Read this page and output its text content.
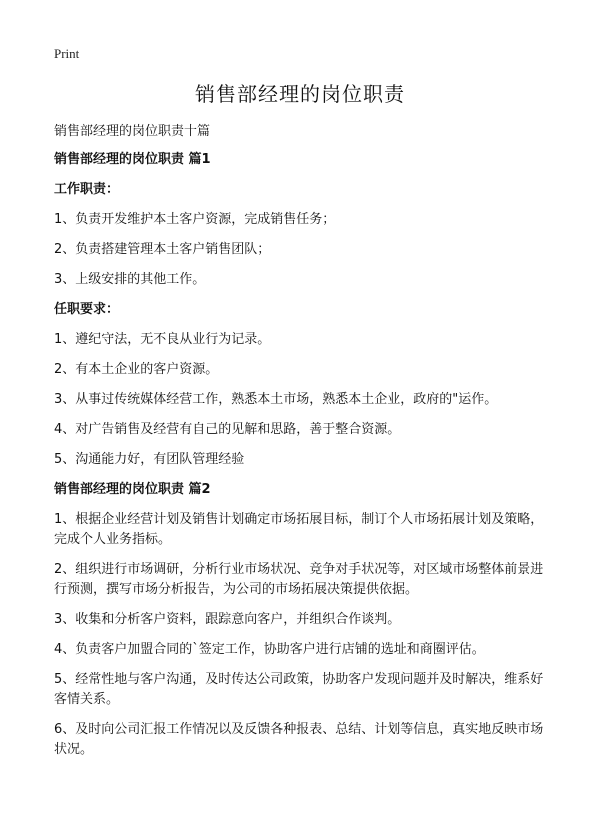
Print
销售部经理的岗位职责
销售部经理的岗位职责十篇
销售部经理的岗位职责 篇1
工作职责：
1、负责开发维护本土客户资源，完成销售任务；
2、负责搭建管理本土客户销售团队；
3、上级安排的其他工作。
任职要求：
1、遵纪守法，无不良从业行为记录。
2、有本土企业的客户资源。
3、从事过传统媒体经营工作，熟悉本土市场，熟悉本土企业，政府的"运作。
4、对广告销售及经营有自己的见解和思路，善于整合资源。
5、沟通能力好，有团队管理经验
销售部经理的岗位职责 篇2
1、根据企业经营计划及销售计划确定市场拓展目标，制订个人市场拓展计划及策略，完成个人业务指标。
2、组织进行市场调研，分析行业市场状况、竞争对手状况等，对区域市场整体前景进行预测，撰写市场分析报告，为公司的市场拓展决策提供依据。
3、收集和分析客户资料，跟踪意向客户，并组织合作谈判。
4、负责客户加盟合同的`签定工作，协助客户进行店铺的选址和商圈评估。
5、经常性地与客户沟通，及时传达公司政策，协助客户发现问题并及时解决，维系好客情关系。
6、及时向公司汇报工作情况以及反馈各种报表、总结、计划等信息，真实地反映市场状况。
